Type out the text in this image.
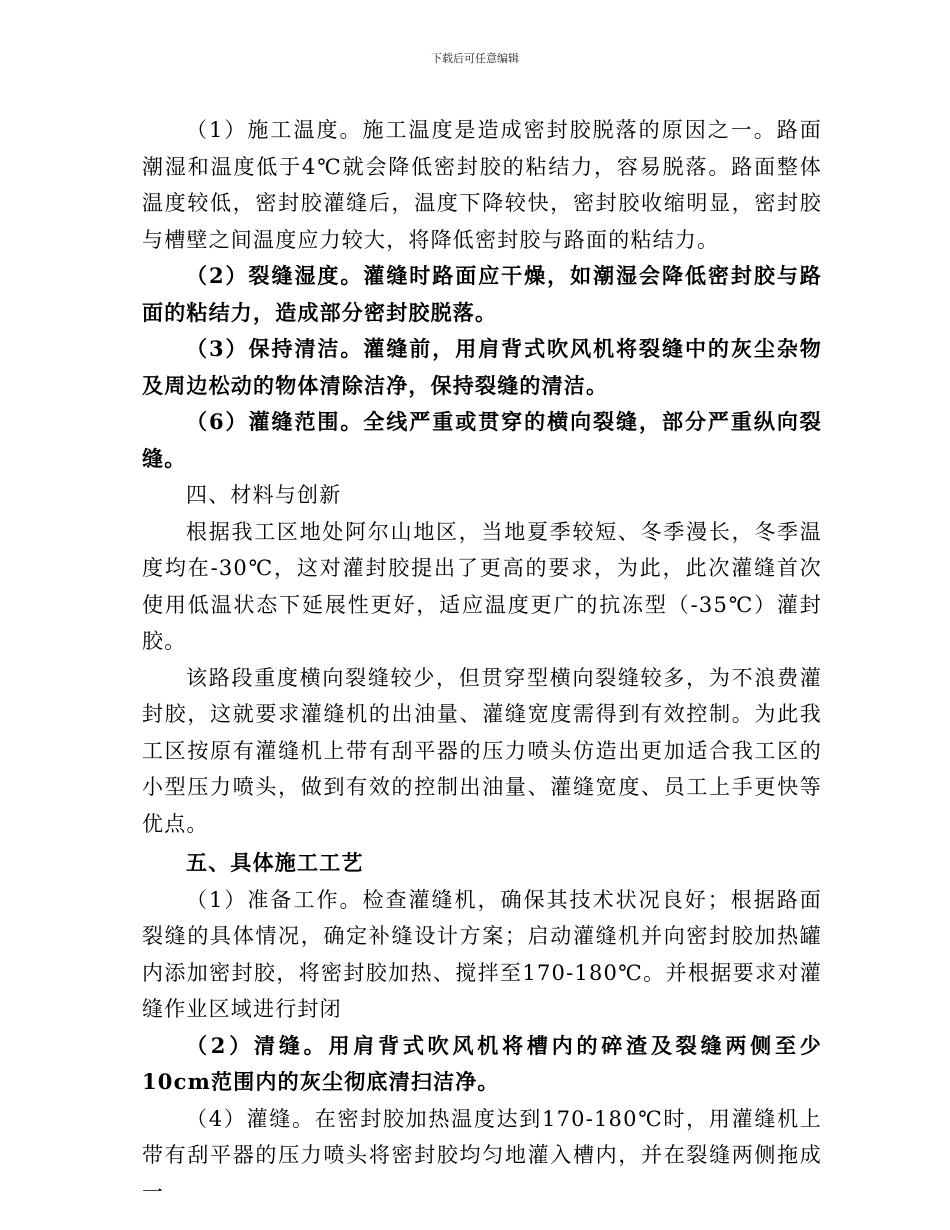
下载后可任意编辑

（1）施工温度。施工温度是造成密封胶脱落的原因之一。路面潮湿和温度低于4℃就会降低密封胶的粘结力，容易脱落。路面整体温度较低，密封胶灌缝后，温度下降较快，密封胶收缩明显，密封胶与槽壁之间温度应力较大，将降低密封胶与路面的粘结力。

（2）裂缝湿度。灌缝时路面应干燥，如潮湿会降低密封胶与路面的粘结力，造成部分密封胶脱落。

（3）保持清洁。灌缝前，用肩背式吹风机将裂缝中的灰尘杂物及周边松动的物体清除洁净，保持裂缝的清洁。

（6）灌缝范围。全线严重或贯穿的横向裂缝，部分严重纵向裂缝。

四、材料与创新

根据我工区地处阿尔山地区，当地夏季较短、冬季漫长，冬季温度均在-30℃，这对灌封胶提出了更高的要求，为此，此次灌缝首次使用低温状态下延展性更好，适应温度更广的抗冻型（-35℃）灌封胶。

该路段重度横向裂缝较少，但贯穿型横向裂缝较多，为不浪费灌封胶，这就要求灌缝机的出油量、灌缝宽度需得到有效控制。为此我工区按原有灌缝机上带有刮平器的压力喷头仿造出更加适合我工区的小型压力喷头，做到有效的控制出油量、灌缝宽度、员工上手更快等优点。

五、具体施工工艺

（1）准备工作。检查灌缝机，确保其技术状况良好；根据路面裂缝的具体情况，确定补缝设计方案；启动灌缝机并向密封胶加热罐内添加密封胶，将密封胶加热、搅拌至170-180℃。并根据要求对灌缝作业区域进行封闭

（2）清缝。用肩背式吹风机将槽内的碎渣及裂缝两侧至少10cm范围内的灰尘彻底清扫洁净。

（4）灌缝。在密封胶加热温度达到170-180℃时，用灌缝机上带有刮平器的压力喷头将密封胶均匀地灌入槽内，并在裂缝两侧拖成一
